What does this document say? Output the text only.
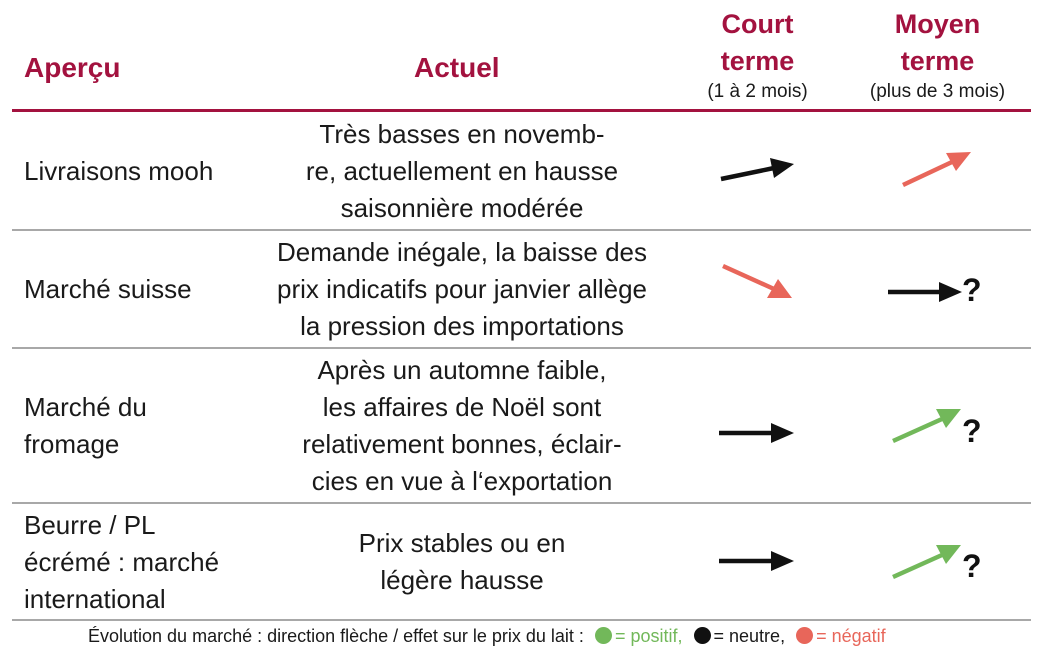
Aperçu	Actuel
Court
terme
(1 à 2 mois)
Moyen
terme
(plus de 3 mois)
Livraisons mooh
Très basses en novemb-
re, actuellement en hausse
saisonnière modérée
Marché suisse
Demande inégale, la baisse des
prix indicatifs pour janvier allège
la pression des importations
?
Marché du
fromage
Après un automne faible,
les affaires de Noël sont
relativement bonnes, éclair-
cies en vue à l‘exportation
?
Beurre / PL
écrémé : marché
international
Prix stables ou en
légère hausse	?
Évolution du marché : direction flèche / effet sur le prix du lait : = positif, = neutre, = négatif
